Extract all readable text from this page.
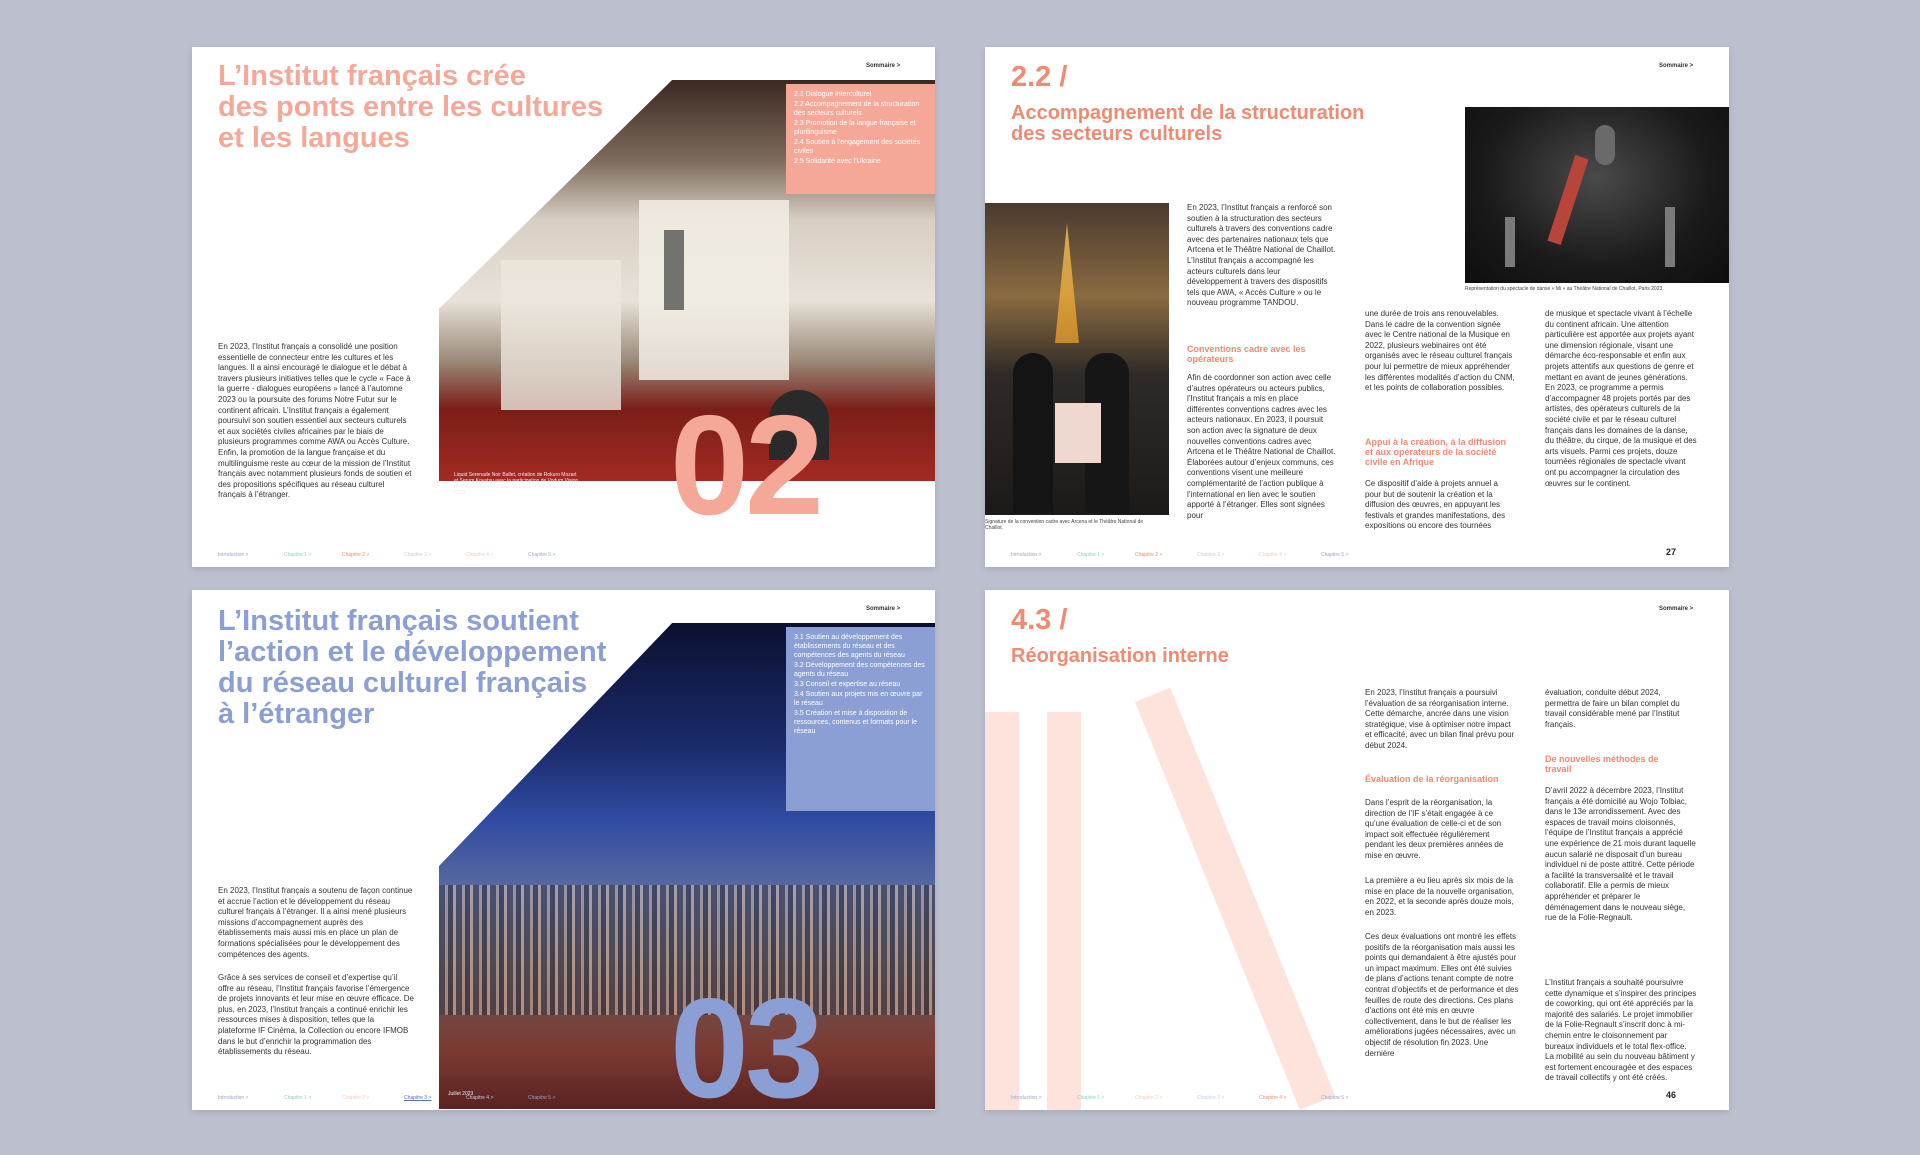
L’Institut français crée
des ponts entre les cultures
et les langues
Sommaire >

2.1 Dialogue interculturel

2.2 Accompagnement de la structuration des secteurs culturels

2.3 Promotion de la langue française et plurilinguisme

2.4 Soutien à l’engagement des sociétés civiles

2.5 Solidarité avec l’Ukraine

En 2023, l’Institut français a consolidé une position essentielle de connecteur entre les cultures et les langues. Il a ainsi encouragé le dialogue et le débat à travers plusieurs initiatives telles que le cycle « Face à la guerre - dialogues européens » lancé à l’automne 2023 ou la poursuite des forums Notre Futur sur le continent africain. L’Institut français a également poursuivi son soutien essentiel aux secteurs culturels et aux sociétés civiles africaines par le biais de plusieurs programmes comme AWA ou Accès Culture. Enfin, la promotion de la langue française et du multilinguisme reste au cœur de la mission de l’Institut français avec notamment plusieurs fonds de soutien et des propositions spécifiques au réseau culturel français à l’étranger.

Liquid Serenade Noir Ballet, création de Rokuro Mozart et Serum Koyatsu avec la participation de Vodum Vision, résidence Villa Kujoyama, Kyoto, à la Nuit Blanche, Paris 2023.	02
Introduction >	Chapitre 1 >	Chapitre 2 >	Chapitre 3 >	Chapitre 4 >	Chapitre 5 >
2.2 /
Accompagnement de la structuration
des secteurs culturels
Sommaire >
Signature de la convention cadre avec Arcena et le Théâtre National de Chaillot.

En 2023, l’Institut français a renforcé son soutien à la structuration des secteurs culturels à travers des conventions cadre avec des partenaires nationaux tels que Artcena et le Théâtre National de Chaillot. L’Institut français a accompagné les acteurs culturels dans leur développement à travers des dispositifs tels que AWA, « Accès Culture » ou le nouveau programme TANDOU.

Conventions cadre avec les opérateurs

Afin de coordonner son action avec celle d’autres opérateurs ou acteurs publics, l’Institut français a mis en place différentes conventions cadres avec les acteurs nationaux. En 2023, il poursuit son action avec la signature de deux nouvelles conventions cadres avec Artcena et le Théâtre National de Chaillot. Élaborées autour d’enjeux communs, ces conventions visent une meilleure complémentarité de l’action publique à l’international en lien avec le soutien apporté à l’étranger. Elles sont signées pour

une durée de trois ans renouvelables. Dans le cadre de la convention signée avec le Centre national de la Musique en 2022, plusieurs webinaires ont été organisés avec le réseau culturel français pour lui permettre de mieux appréhender les différentes modalités d’action du CNM, et les points de collaboration possibles.

Appui à la création, à la diffusion et aux opérateurs de la société civile en Afrique

Ce dispositif d’aide à projets annuel a pour but de soutenir la création et la diffusion des œuvres, en appuyant les festivals et grandes manifestations, des expositions ou encore des tournées

Représentation du spectacle de danse « Mi » au Théâtre National de Chaillot, Paris 2023.

de musique et spectacle vivant à l’échelle du continent africain. Une attention particulière est apportée aux projets ayant une dimension régionale, visant une démarche éco-responsable et enfin aux projets attentifs aux questions de genre et mettant en avant de jeunes générations. En 2023, ce programme a permis d’accompagner 48 projets portés par des artistes, des opérateurs culturels de la société civile et par le réseau culturel français dans les domaines de la danse, du théâtre, du cirque, de la musique et des arts visuels. Parmi ces projets, douze tournées régionales de spectacle vivant ont pu accompagner la circulation des œuvres sur le continent.

Introduction >	Chapitre 1 >	Chapitre 2 >	Chapitre 3 >	Chapitre 4 >	Chapitre 5 >	27
L’Institut français soutient
l’action et le développement
du réseau culturel français
à l’étranger
Sommaire >

3.1 Soutien au développement des établissements du réseau et des compétences des agents du réseau

3.2 Développement des compétences des agents du réseau

3.3 Conseil et expertise au réseau

3.4 Soutien aux projets mis en œuvre par le réseau

3.5 Création et mise à disposition de ressources, contenus et formats pour le réseau

En 2023, l’Institut français a soutenu de façon continue et accrue l’action et le développement du réseau culturel français à l’étranger. Il a ainsi mené plusieurs missions d’accompagnement auprès des établissements mais aussi mis en place un plan de formations spécialisées pour le développement des compétences des agents.

Grâce à ses services de conseil et d’expertise qu’il offre au réseau, l’Institut français favorise l’émergence de projets innovants et leur mise en œuvre efficace. De plus, en 2023, l’Institut français a continué enrichir les ressources mises à disposition, telles que la plateforme IF Cinéma, la Collection ou encore IFMOB dans le but d’enrichir la programmation des établissements du réseau.

Juillet 2023 03
Introduction >	Chapitre 1 >	Chapitre 2 >	Chapitre 3 >	Chapitre 4 >	Chapitre 5 >
4.3 /
Réorganisation interne
Sommaire >

En 2023, l’Institut français a poursuivi l’évaluation de sa réorganisation interne. Cette démarche, ancrée dans une vision stratégique, vise à optimiser notre impact et efficacité, avec un bilan final prévu pour début 2024.

Évaluation de la réorganisation

Dans l’esprit de la réorganisation, la direction de l’IF s’était engagée à ce qu’une évaluation de celle-ci et de son impact soit effectuée régulièrement pendant les deux premières années de mise en œuvre.

La première a eu lieu après six mois de la mise en place de la nouvelle organisation, en 2022, et la seconde après douze mois, en 2023.

Ces deux évaluations ont montré les effets positifs de la réorganisation mais aussi les points qui demandaient à être ajustés pour un impact maximum. Elles ont été suivies de plans d’actions tenant compte de notre contrat d’objectifs et de performance et des feuilles de route des directions. Ces plans d’actions ont été mis en œuvre collectivement, dans le but de réaliser les améliorations jugées nécessaires, avec un objectif de résolution fin 2023. Une dernière

évaluation, conduite début 2024, permettra de faire un bilan complet du travail considérable mené par l’Institut français.

De nouvelles méthodes de travail

D’avril 2022 à décembre 2023, l’Institut français a été domicilié au Wojo Tolbiac, dans le 13e arrondissement. Avec des espaces de travail moins cloisonnés, l’équipe de l’Institut français a apprécié une expérience de 21 mois durant laquelle aucun salarié ne disposait d’un bureau individuel ni de poste attitré. Cette période a facilité la transversalité et le travail collaboratif. Elle a permis de mieux appréhender et préparer le déménagement dans le nouveau siège, rue de la Folie-Regnault.

L’Institut français a souhaité poursuivre cette dynamique et s’inspirer des principes de coworking, qui ont été appréciés par la majorité des salariés. Le projet immobilier de la Folie-Regnault s’inscrit donc à mi-chemin entre le cloisonnement par bureaux individuels et le total flex-office. La mobilité au sein du nouveau bâtiment y est fortement encouragée et des espaces de travail collectifs y ont été créés.

Introduction >	Chapitre 1 >	Chapitre 2 >	Chapitre 3 >	Chapitre 4 >	Chapitre 5 >	46
